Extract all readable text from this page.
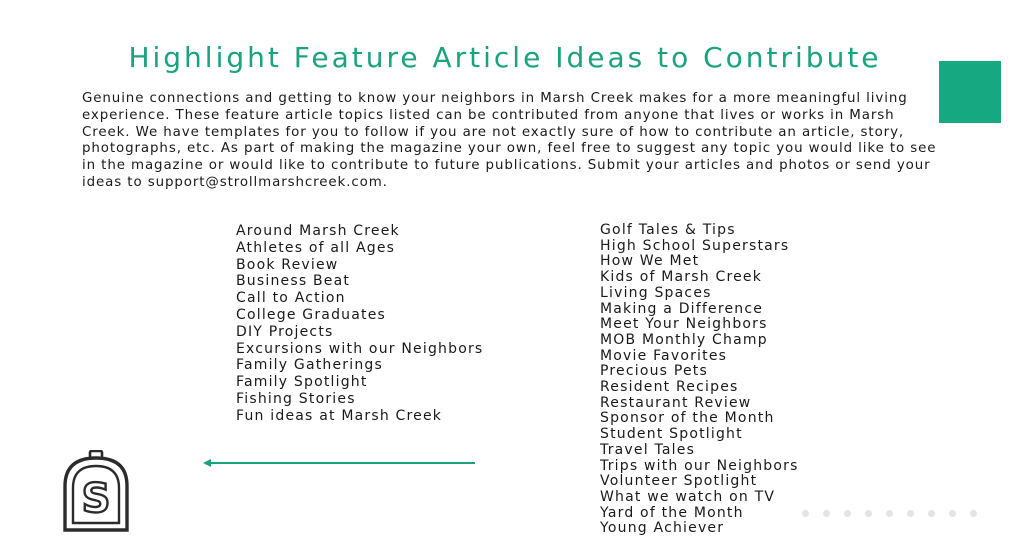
Highlight Feature Article Ideas to Contribute

Genuine connections and getting to know your neighbors in Marsh Creek makes for a more meaningful living experience. These feature article topics listed can be contributed from anyone that lives or works in Marsh Creek. We have templates for you to follow if you are not exactly sure of how to contribute an article, story, photographs, etc. As part of making the magazine your own, feel free to suggest any topic you would like to see in the magazine or would like to contribute to future publications. Submit your articles and photos or send your ideas to support@strollmarshcreek.com.

Around Marsh Creek
Athletes of all Ages
Book Review
Business Beat
Call to Action
College Graduates
DIY Projects
Excursions with our Neighbors
Family Gatherings
Family Spotlight
Fishing Stories
Fun ideas at Marsh Creek
Golf Tales & Tips
High School Superstars
How We Met
Kids of Marsh Creek
Living Spaces
Making a Difference
Meet Your Neighbors
MOB Monthly Champ
Movie Favorites
Precious Pets
Resident Recipes
Restaurant Review
Sponsor of the Month
Student Spotlight
Travel Tales
Trips with our Neighbors
Volunteer Spotlight
What we watch on TV
Yard of the Month
Young Achiever
S
